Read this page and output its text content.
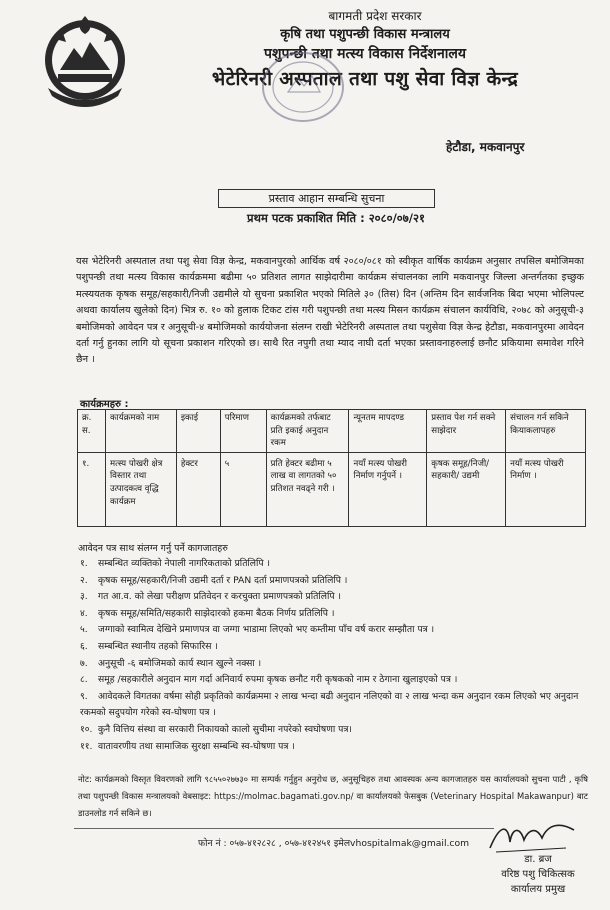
बागमती प्रदेश सरकार
कृषि तथा पशुपन्छी विकास मन्त्रालय
पशुपन्छी तथा मत्स्य विकास निर्देशनालय
भेटेरिनरी अस्पताल तथा पशु सेवा विज्ञ केन्द्र
हेटौडा, मकवानपुर
प्रस्ताव आहान सम्बन्धि सुचना
प्रथम पटक प्रकाशित मिति : २०८०/०७/२१

यस भेटेरिनरी अस्पताल तथा पशु सेवा विज्ञ केन्द्र, मकवानपुरको आर्थिक वर्ष २०८०/०८१ को स्वीकृत वार्षिक कार्यक्रम अनुसार तपसिल बमोजिमका पशुपन्छी तथा मत्स्य विकास कार्यक्रममा बढीमा ५० प्रतिशत लागत साझेदारीमा कार्यक्रम संचालनका लागि मकवानपुर जिल्ला अन्तर्गतका इच्छुक मत्स्ययतक कृषक समूह/सहकारी/निजी उद्यमीले यो सुचना प्रकाशित भएको मितिले ३० (तिस) दिन (अन्तिम दिन सार्वजनिक बिदा भएमा भोलिपल्ट अथवा कार्यालय खुलेको दिन) भित्र रु. १० को हुलाक टिकट टांस गरी पशुपन्छी तथा मत्स्य मिसन कार्यक्रम संचालन कार्यविधि, २०७८ को अनुसूची-३ बमोजिमको आवेदन पत्र र अनुसूची-४ बमोजिमको कार्ययोजना संलग्न राखी भेटेरिनरी अस्पताल तथा पशुसेवा विज्ञ केन्द्र हेटौडा, मकवानपुरमा आवेदन दर्ता गर्नु हुनका लागि यो सूचना प्रकाशन गरिएको छ। साथै रित नपुगी तथा म्याद नाघी दर्ता भएका प्रस्तावनाहरुलाई छनौट प्रकियामा समावेश गरिने छैन ।

कार्यक्रमहरु :
क्र. स.	कार्यक्रमको नाम	इकाई	परिमाण	कार्यक्रमको तर्फबाट प्रति इकाई अनुदान रकम	न्यूनतम मापदण्ड	प्रस्ताव पेश गर्न सक्ने साझेदार	संचालन गर्न सकिने कियाकलापहरु
१.	मत्स्य पोखरी क्षेत्र विस्तार तथा उत्पादकत्व वृद्धि कार्यक्रम	हेक्टर	५	प्रति हेक्टर बढीमा ५ लाख वा लागतको ५० प्रतिशत नवढ्ने गरी ।	नयाँ मत्स्य पोखरी निर्माण गर्नुपर्ने ।	कृषक समूह/निजी/सहकारी/ उद्यमी	नयाँ मत्स्य पोखरी निर्माण ।
आवेदन पत्र साथ संलग्न गर्नु पर्ने कागजातहरु
१. सम्बन्धित व्यक्तिको नेपाली नागरिकताको प्रतिलिपि ।
२. कृषक समूह/सहकारी/निजी उद्यमी दर्ता र PAN दर्ता प्रमाणपत्रको प्रतिलिपि ।
३. गत आ.व. को लेखा परीक्षण प्रतिवेदन र करचुक्ता प्रमाणपत्रको प्रतिलिपि ।
४. कृषक समूह/समिति/सहकारी साझेदारको हकमा बैठक निर्णय प्रतिलिपि ।
५. जग्गाको स्वामित्व देखिने प्रमाणपत्र वा जग्गा भाडामा लिएको भए कम्तीमा पाँच वर्ष करार सम्झौता पत्र ।
६. सम्बन्धित स्थानीय तहको सिफारिस ।
७. अनुसूची -६ बमोजिमको कार्य स्थान खुल्ने नक्सा ।
८. समूह /सहकारीले अनुदान माग गर्दा अनिवार्य रुपमा कृषक छनौट गरी कृषकको नाम र ठेगाना खुलाइएको पत्र ।
९. आवेदकले विगतका वर्षमा सोही प्रकृतिको कार्यक्रममा २ लाख भन्दा बढी अनुदान नलिएको वा २ लाख भन्दा कम अनुदान रकम लिएको भए अनुदान रकमको सदुपयोग गरेको स्व-घोषणा पत्र ।
१०. कुनै वित्तिय संस्था वा सरकारी निकायको कालो सुचीमा नपरेको स्वघोषणा पत्र।
११. वातावरणीय तथा सामाजिक सुरक्षा सम्बन्धि स्व-घोषणा पत्र ।

नोट: कार्यक्रमको विस्तृत विवरणको लागि ९८५५०२७७३० मा सम्पर्क गर्नुहुन अनुरोध छ, अनुसूचिहरु तथा आवस्यक अन्य कागजातहरु यस कार्यालयको सुचना पाटी , कृषि तथा पशुपन्छी विकास मन्त्रालयको वेबसाइट: https://molmac.bagamati.gov.np/ वा कार्यालयको फेसबुक (Veterinary Hospital Makawanpur) बाट डाउनलोड गर्न सकिने छ।

फोन नं : ०५७-४१२८२८ , ०५७-४१२४५१ इमेलvhospitalmak@gmail.com
डा. ब्रज
वरिष्ठ पशु चिकित्सक
कार्यालय प्रमुख
